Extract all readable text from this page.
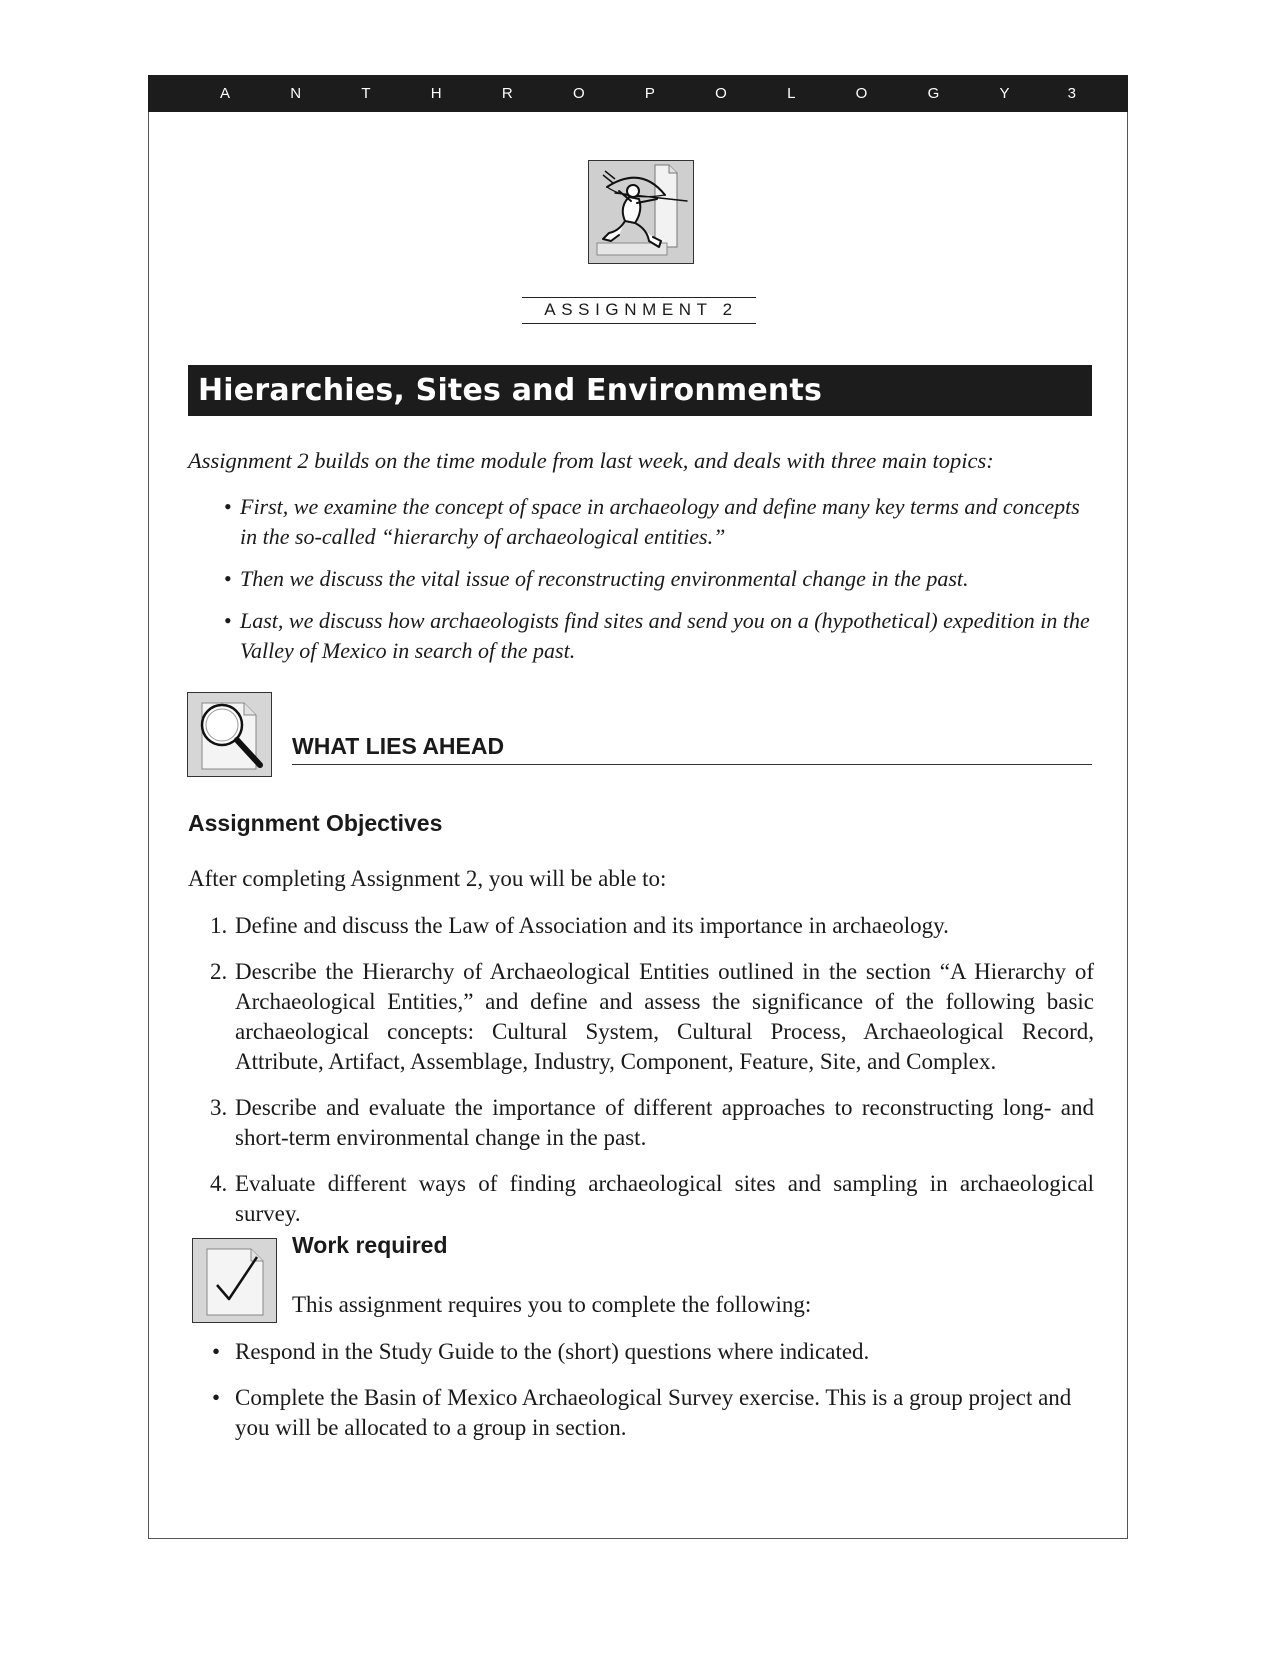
A	N	T	H	R	O	P	O	L	O	G	Y	3
ASSIGNMENT 2
Hierarchies, Sites and Environments

Assignment 2 builds on the time module from last week, and deals with three main topics:

• First, we examine the concept of space in archaeology and define many key terms and concepts in the so-called “hierarchy of archaeological entities.”
• Then we discuss the vital issue of reconstructing environmental change in the past.
• Last, we discuss how archaeologists find sites and send you on a (hypothetical) expedition in the Valley of Mexico in search of the past.
WHAT LIES AHEAD
Assignment Objectives

After completing Assignment 2, you will be able to:

1. Define and discuss the Law of Association and its importance in archaeology.
2. Describe the Hierarchy of Archaeological Entities outlined in the section “A Hierarchy of Archaeological Entities,” and define and assess the significance of the following basic archaeological concepts: Cultural System, Cultural Process, Archaeological Record, Attribute, Artifact, Assemblage, Industry, Component, Feature, Site, and Complex.
3. Describe and evaluate the importance of different approaches to reconstructing long- and short-term environmental change in the past.
4. Evaluate different ways of finding archaeological sites and sampling in archaeological survey.
Work required

This assignment requires you to complete the following:

• Respond in the Study Guide to the (short) questions where indicated.
• Complete the Basin of Mexico Archaeological Survey exercise. This is a group project and you will be allocated to a group in section.
